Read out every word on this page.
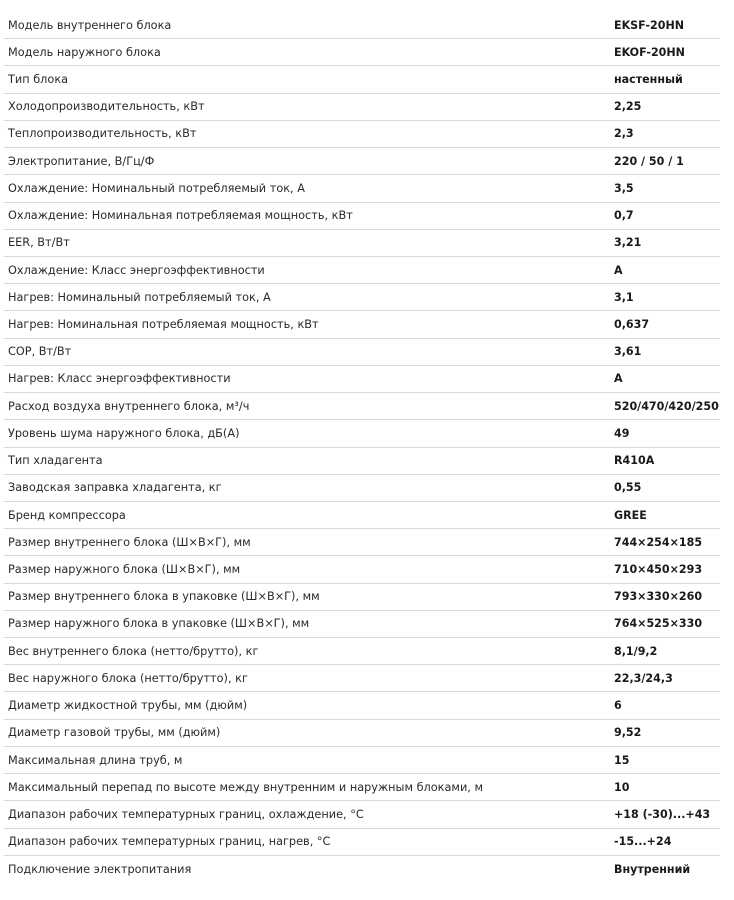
Модель внутреннего блока	EKSF-20HN
Модель наружного блока	EKOF-20HN
Тип блока	настенный
Холодопроизводительность, кВт	2,25
Теплопроизводительность, кВт	2,3
Электропитание, В/Гц/Ф	220 / 50 / 1
Охлаждение: Номинальный потребляемый ток, А	3,5
Охлаждение: Номинальная потребляемая мощность, кВт	0,7
EER, Вт/Вт	3,21
Охлаждение: Класс энергоэффективности	A
Нагрев: Номинальный потребляемый ток, А	3,1
Нагрев: Номинальная потребляемая мощность, кВт	0,637
COP, Вт/Вт	3,61
Нагрев: Класс энергоэффективности	A
Расход воздуха внутреннего блока, м³/ч	520/470/420/250
Уровень шума наружного блока, дБ(А)	49
Тип хладагента	R410A
Заводская заправка хладагента, кг	0,55
Бренд компрессора	GREE
Размер внутреннего блока (Ш×В×Г), мм	744×254×185
Размер наружного блока (Ш×В×Г), мм	710×450×293
Размер внутреннего блока в упаковке (Ш×В×Г), мм	793×330×260
Размер наружного блока в упаковке (Ш×В×Г), мм	764×525×330
Вес внутреннего блока (нетто/брутто), кг	8,1/9,2
Вес наружного блока (нетто/брутто), кг	22,3/24,3
Диаметр жидкостной трубы, мм (дюйм)	6
Диаметр газовой трубы, мм (дюйм)	9,52
Максимальная длина труб, м	15
Максимальный перепад по высоте между внутренним и наружным блоками, м	10
Диапазон рабочих температурных границ, охлаждение, °С	+18 (-30)...+43
Диапазон рабочих температурных границ, нагрев, °С	-15...+24
Подключение электропитания	Внутренний
